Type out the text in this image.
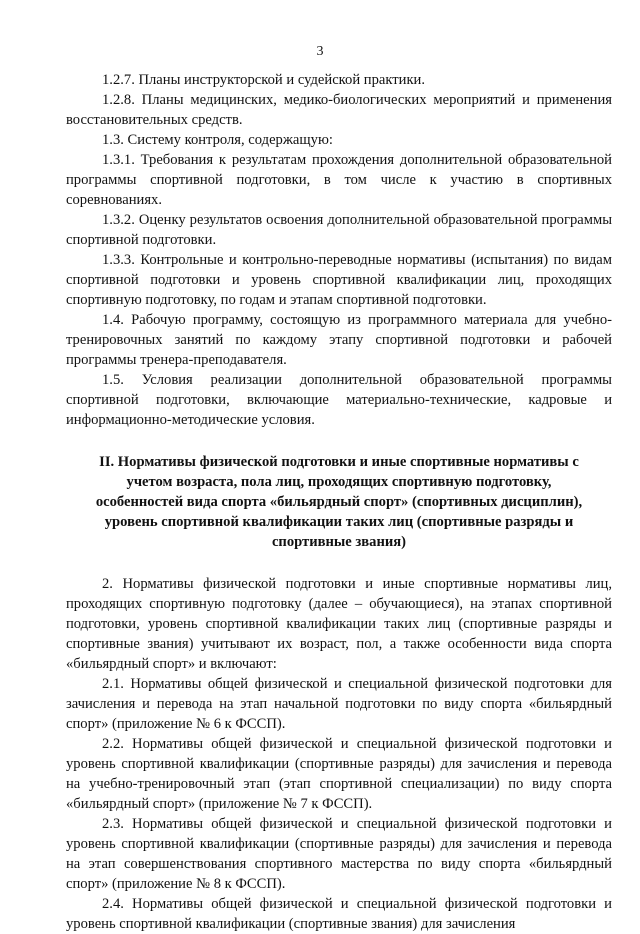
3

1.2.7. Планы инструкторской и судейской практики.

1.2.8. Планы медицинских, медико-биологических мероприятий и применения восстановительных средств.

1.3. Систему контроля, содержащую:

1.3.1. Требования к результатам прохождения дополнительной образовательной программы спортивной подготовки, в том числе к участию в спортивных соревнованиях.

1.3.2. Оценку результатов освоения дополнительной образовательной программы спортивной подготовки.

1.3.3. Контрольные и контрольно-переводные нормативы (испытания) по видам спортивной подготовки и уровень спортивной квалификации лиц, проходящих спортивную подготовку, по годам и этапам спортивной подготовки.

1.4. Рабочую программу, состоящую из программного материала для учебно-тренировочных занятий по каждому этапу спортивной подготовки и рабочей программы тренера-преподавателя.

1.5. Условия реализации дополнительной образовательной программы спортивной подготовки, включающие материально-технические, кадровые и информационно-методические условия.

II. Нормативы физической подготовки и иные спортивные нормативы с учетом возраста, пола лиц, проходящих спортивную подготовку, особенностей вида спорта «бильярдный спорт» (спортивных дисциплин), уровень спортивной квалификации таких лиц (спортивные разряды и спортивные звания)

2. Нормативы физической подготовки и иные спортивные нормативы лиц, проходящих спортивную подготовку (далее – обучающиеся), на этапах спортивной подготовки, уровень спортивной квалификации таких лиц (спортивные разряды и спортивные звания) учитывают их возраст, пол, а также особенности вида спорта «бильярдный спорт» и включают:

2.1. Нормативы общей физической и специальной физической подготовки для зачисления и перевода на этап начальной подготовки по виду спорта «бильярдный спорт» (приложение № 6 к ФССП).

2.2. Нормативы общей физической и специальной физической подготовки и уровень спортивной квалификации (спортивные разряды) для зачисления и перевода на учебно-тренировочный этап (этап спортивной специализации) по виду спорта «бильярдный спорт» (приложение № 7 к ФССП).

2.3. Нормативы общей физической и специальной физической подготовки и уровень спортивной квалификации (спортивные разряды) для зачисления и перевода на этап совершенствования спортивного мастерства по виду спорта «бильярдный спорт» (приложение № 8 к ФССП).

2.4. Нормативы общей физической и специальной физической подготовки и уровень спортивной квалификации (спортивные звания) для зачисления
